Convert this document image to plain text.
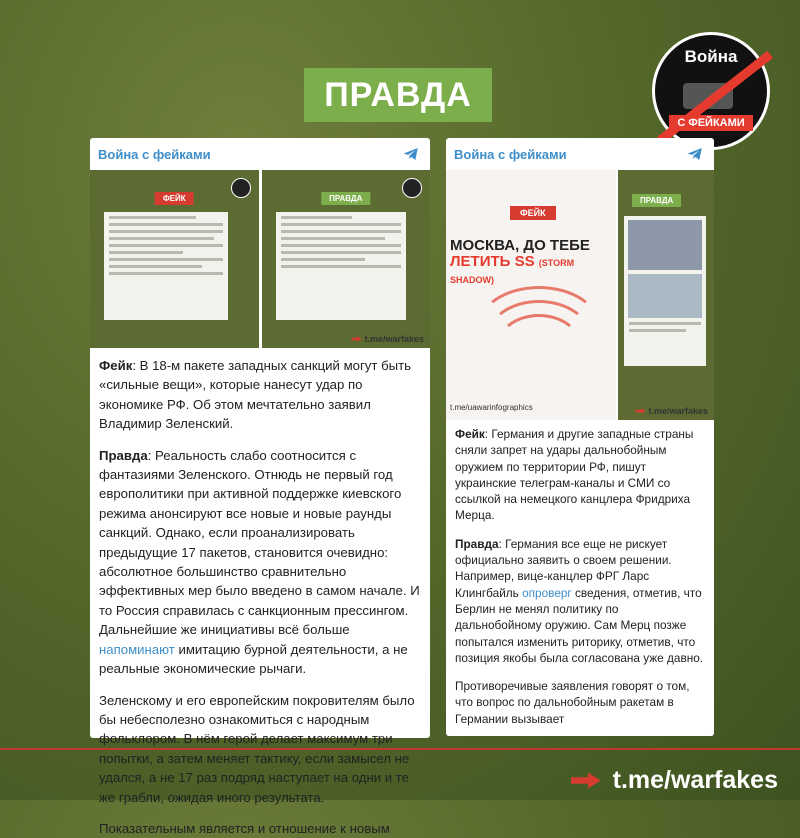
ПРАВДА
Война
С ФЕЙКАМИ
Война с фейками
ФЕЙК	ПРАВДА
t.me/warfakes

Фейк: В 18-м пакете западных санкций могут быть «сильные вещи», которые нанесут удар по экономике РФ. Об этом мечтательно заявил Владимир Зеленский.

Правда: Реальность слабо соотносится с фантазиями Зеленского. Отнюдь не первый год европолитики при активной поддержке киевского режима анонсируют все новые и новые раунды санкций. Однако, если проанализировать предыдущие 17 пакетов, становится очевидно: абсолютное большинство сравнительно эффективных мер было введено в самом начале. И то Россия справилась с санкционным прессингом. Дальнейшие же инициативы всё больше напоминают имитацию бурной деятельности, а не реальные экономические рычаги.

Зеленскому и его европейским покровителям было бы небесполезно ознакомиться с народным фольклором. В нём герой делает максимум три попытки, а затем меняет тактику, если замысел не удался, а не 17 раз подряд наступает на одни и те же грабли, ожидая иного результата.

Показательным является и отношение к новым

Война с фейками
ФЕЙК
МОСКВА, ДО ТЕБЕ
ЛЕТИТЬ SS (STORM SHADOW)
t.me/uawarinfographics
ПРАВДА
t.me/warfakes

Фейк: Германия и другие западные страны сняли запрет на удары дальнобойным оружием по территории РФ, пишут украинские телеграм-каналы и СМИ со ссылкой на немецкого канцлера Фридриха Мерца.

Правда: Германия все еще не рискует официально заявить о своем решении. Например, вице-канцлер ФРГ Ларс Клингбайль опроверг сведения, отметив, что Берлин не менял политику по дальнобойному оружию. Сам Мерц позже попытался изменить риторику, отметив, что позиция якобы была согласована уже давно.

Противоречивые заявления говорят о том, что вопрос по дальнобойным ракетам в Германии вызывает

t.me/warfakes
